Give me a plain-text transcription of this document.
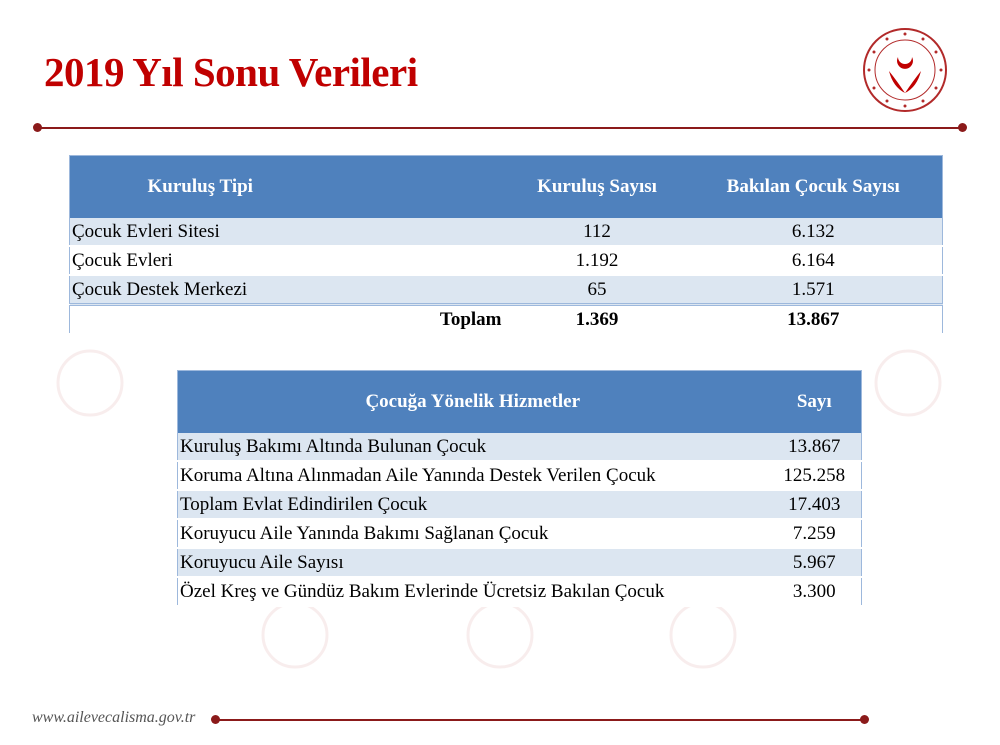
2019 Yıl Sonu Verileri
Kuruluş Tipi	Kuruluş Sayısı	Bakılan Çocuk Sayısı
Çocuk Evleri Sitesi	112	6.132
Çocuk Evleri	1.192	6.164
Çocuk Destek Merkezi	65	1.571
Toplam	1.369	13.867
Çocuğa Yönelik Hizmetler	Sayı
Kuruluş Bakımı Altında Bulunan Çocuk	13.867
Koruma Altına Alınmadan Aile Yanında Destek Verilen Çocuk	125.258
Toplam Evlat Edindirilen Çocuk	17.403
Koruyucu Aile Yanında Bakımı Sağlanan Çocuk	7.259
Koruyucu Aile Sayısı	5.967
Özel Kreş ve Gündüz Bakım Evlerinde Ücretsiz Bakılan Çocuk	3.300
www.ailevecalisma.gov.tr
